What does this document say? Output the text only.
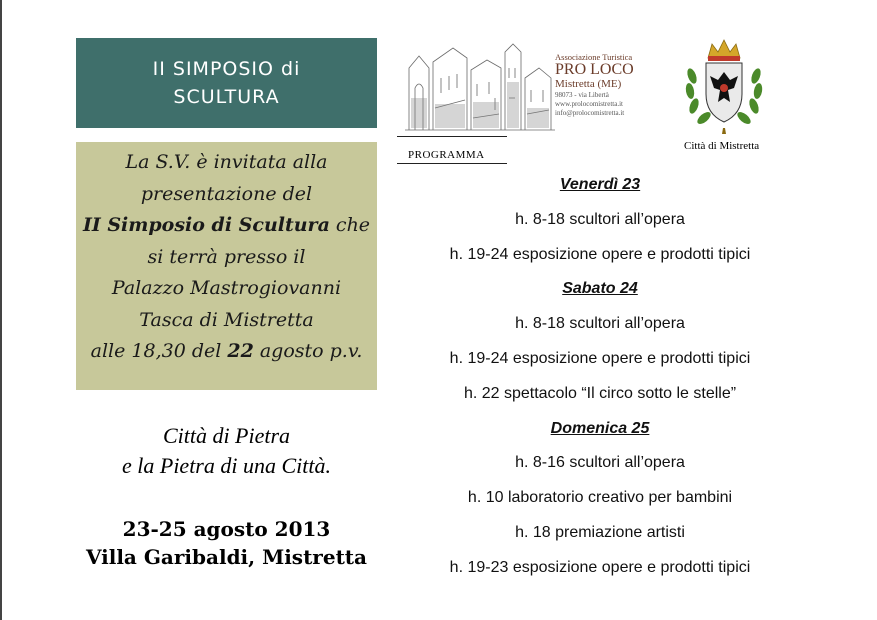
II SIMPOSIO di
SCULTURA
La S.V. è invitata alla
presentazione del
II Simposio di Scultura che
si terrà presso il
Palazzo Mastrogiovanni
Tasca di Mistretta
alle 18,30 del 22 agosto p.v.
Città di Pietra
e la Pietra di una Città.
23-25 agosto 2013
Villa Garibaldi, Mistretta
Associazione Turistica
PRO LOCO
Mistretta (ME)
98073 - via Libertà
www.prolocomistretta.it
info@prolocomistretta.it
Città di Mistretta
PROGRAMMA
Venerdì 23
h. 8-18 scultori all’opera
h. 19-24 esposizione opere e prodotti tipici
Sabato 24
h. 8-18 scultori all’opera
h. 19-24 esposizione opere e prodotti tipici
h. 22 spettacolo “Il circo sotto le stelle”
Domenica 25
h. 8-16 scultori all’opera
h. 10 laboratorio creativo per bambini
h. 18 premiazione artisti
h. 19-23 esposizione opere e prodotti tipici
